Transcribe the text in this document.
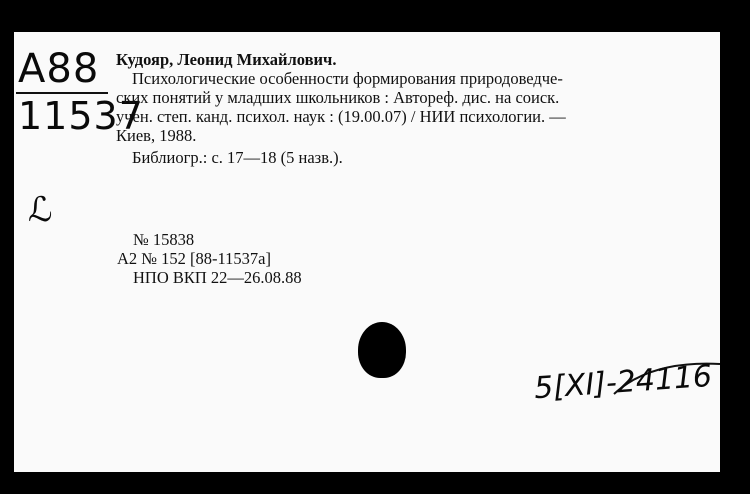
А88
11537
ℒ
Кудояр, Леонид Михайлович.
Психологические особенности формирования природоведче-
ских понятий у младших школьников : Автореф. дис. на соиск.
учен. степ. канд. психол. наук : (19.00.07) / НИИ психологии. —
Киев, 1988.
Библиогр.: с. 17—18 (5 назв.).
№ 15838
А2 № 152 [88-11537а]
НПО ВКП 22—26.08.88
5[XI]-24116
